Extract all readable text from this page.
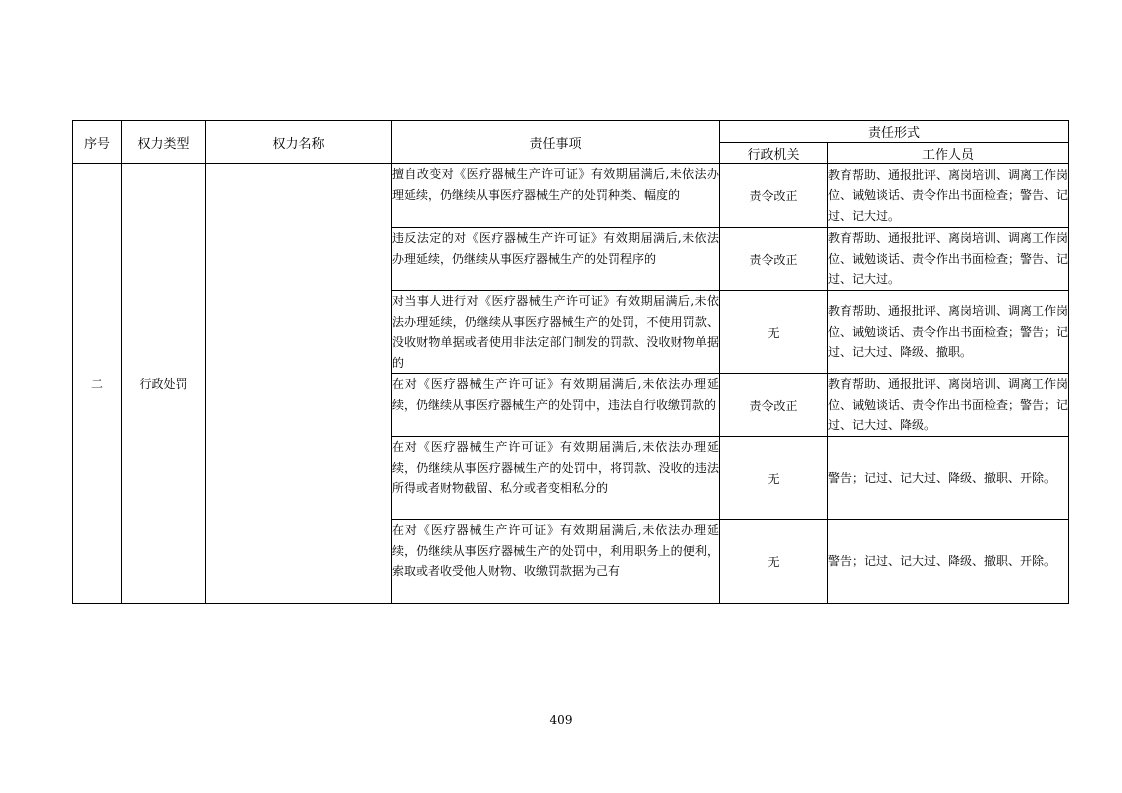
序号	权力类型	权力名称	责任事项	责任形式	
				行政机关	工作人员
二	行政处罚		擅自改变对《医疗器械生产许可证》有效期届满后,未依法办理延续，仍继续从事医疗器械生产的处罚种类、幅度的	责令改正	教育帮助、通报批评、离岗培训、调离工作岗位、诫勉谈话、责令作出书面检查；警告、记过、记大过。
			违反法定的对《医疗器械生产许可证》有效期届满后,未依法办理延续，仍继续从事医疗器械生产的处罚程序的	责令改正	教育帮助、通报批评、离岗培训、调离工作岗位、诫勉谈话、责令作出书面检查；警告、记过、记大过。
			对当事人进行对《医疗器械生产许可证》有效期届满后,未依法办理延续，仍继续从事医疗器械生产的处罚，不使用罚款、没收财物单据或者使用非法定部门制发的罚款、没收财物单据的	无	教育帮助、通报批评、离岗培训、调离工作岗位、诫勉谈话、责令作出书面检查；警告；记过、记大过、降级、撤职。
			在对《医疗器械生产许可证》有效期届满后,未依法办理延续，仍继续从事医疗器械生产的处罚中，违法自行收缴罚款的	责令改正	教育帮助、通报批评、离岗培训、调离工作岗位、诫勉谈话、责令作出书面检查；警告；记过、记大过、降级。
			在对《医疗器械生产许可证》有效期届满后,未依法办理延续，仍继续从事医疗器械生产的处罚中，将罚款、没收的违法所得或者财物截留、私分或者变相私分的	无	警告；记过、记大过、降级、撤职、开除。
			在对《医疗器械生产许可证》有效期届满后,未依法办理延续，仍继续从事医疗器械生产的处罚中，利用职务上的便利，索取或者收受他人财物、收缴罚款据为己有	无	警告；记过、记大过、降级、撤职、开除。
409
